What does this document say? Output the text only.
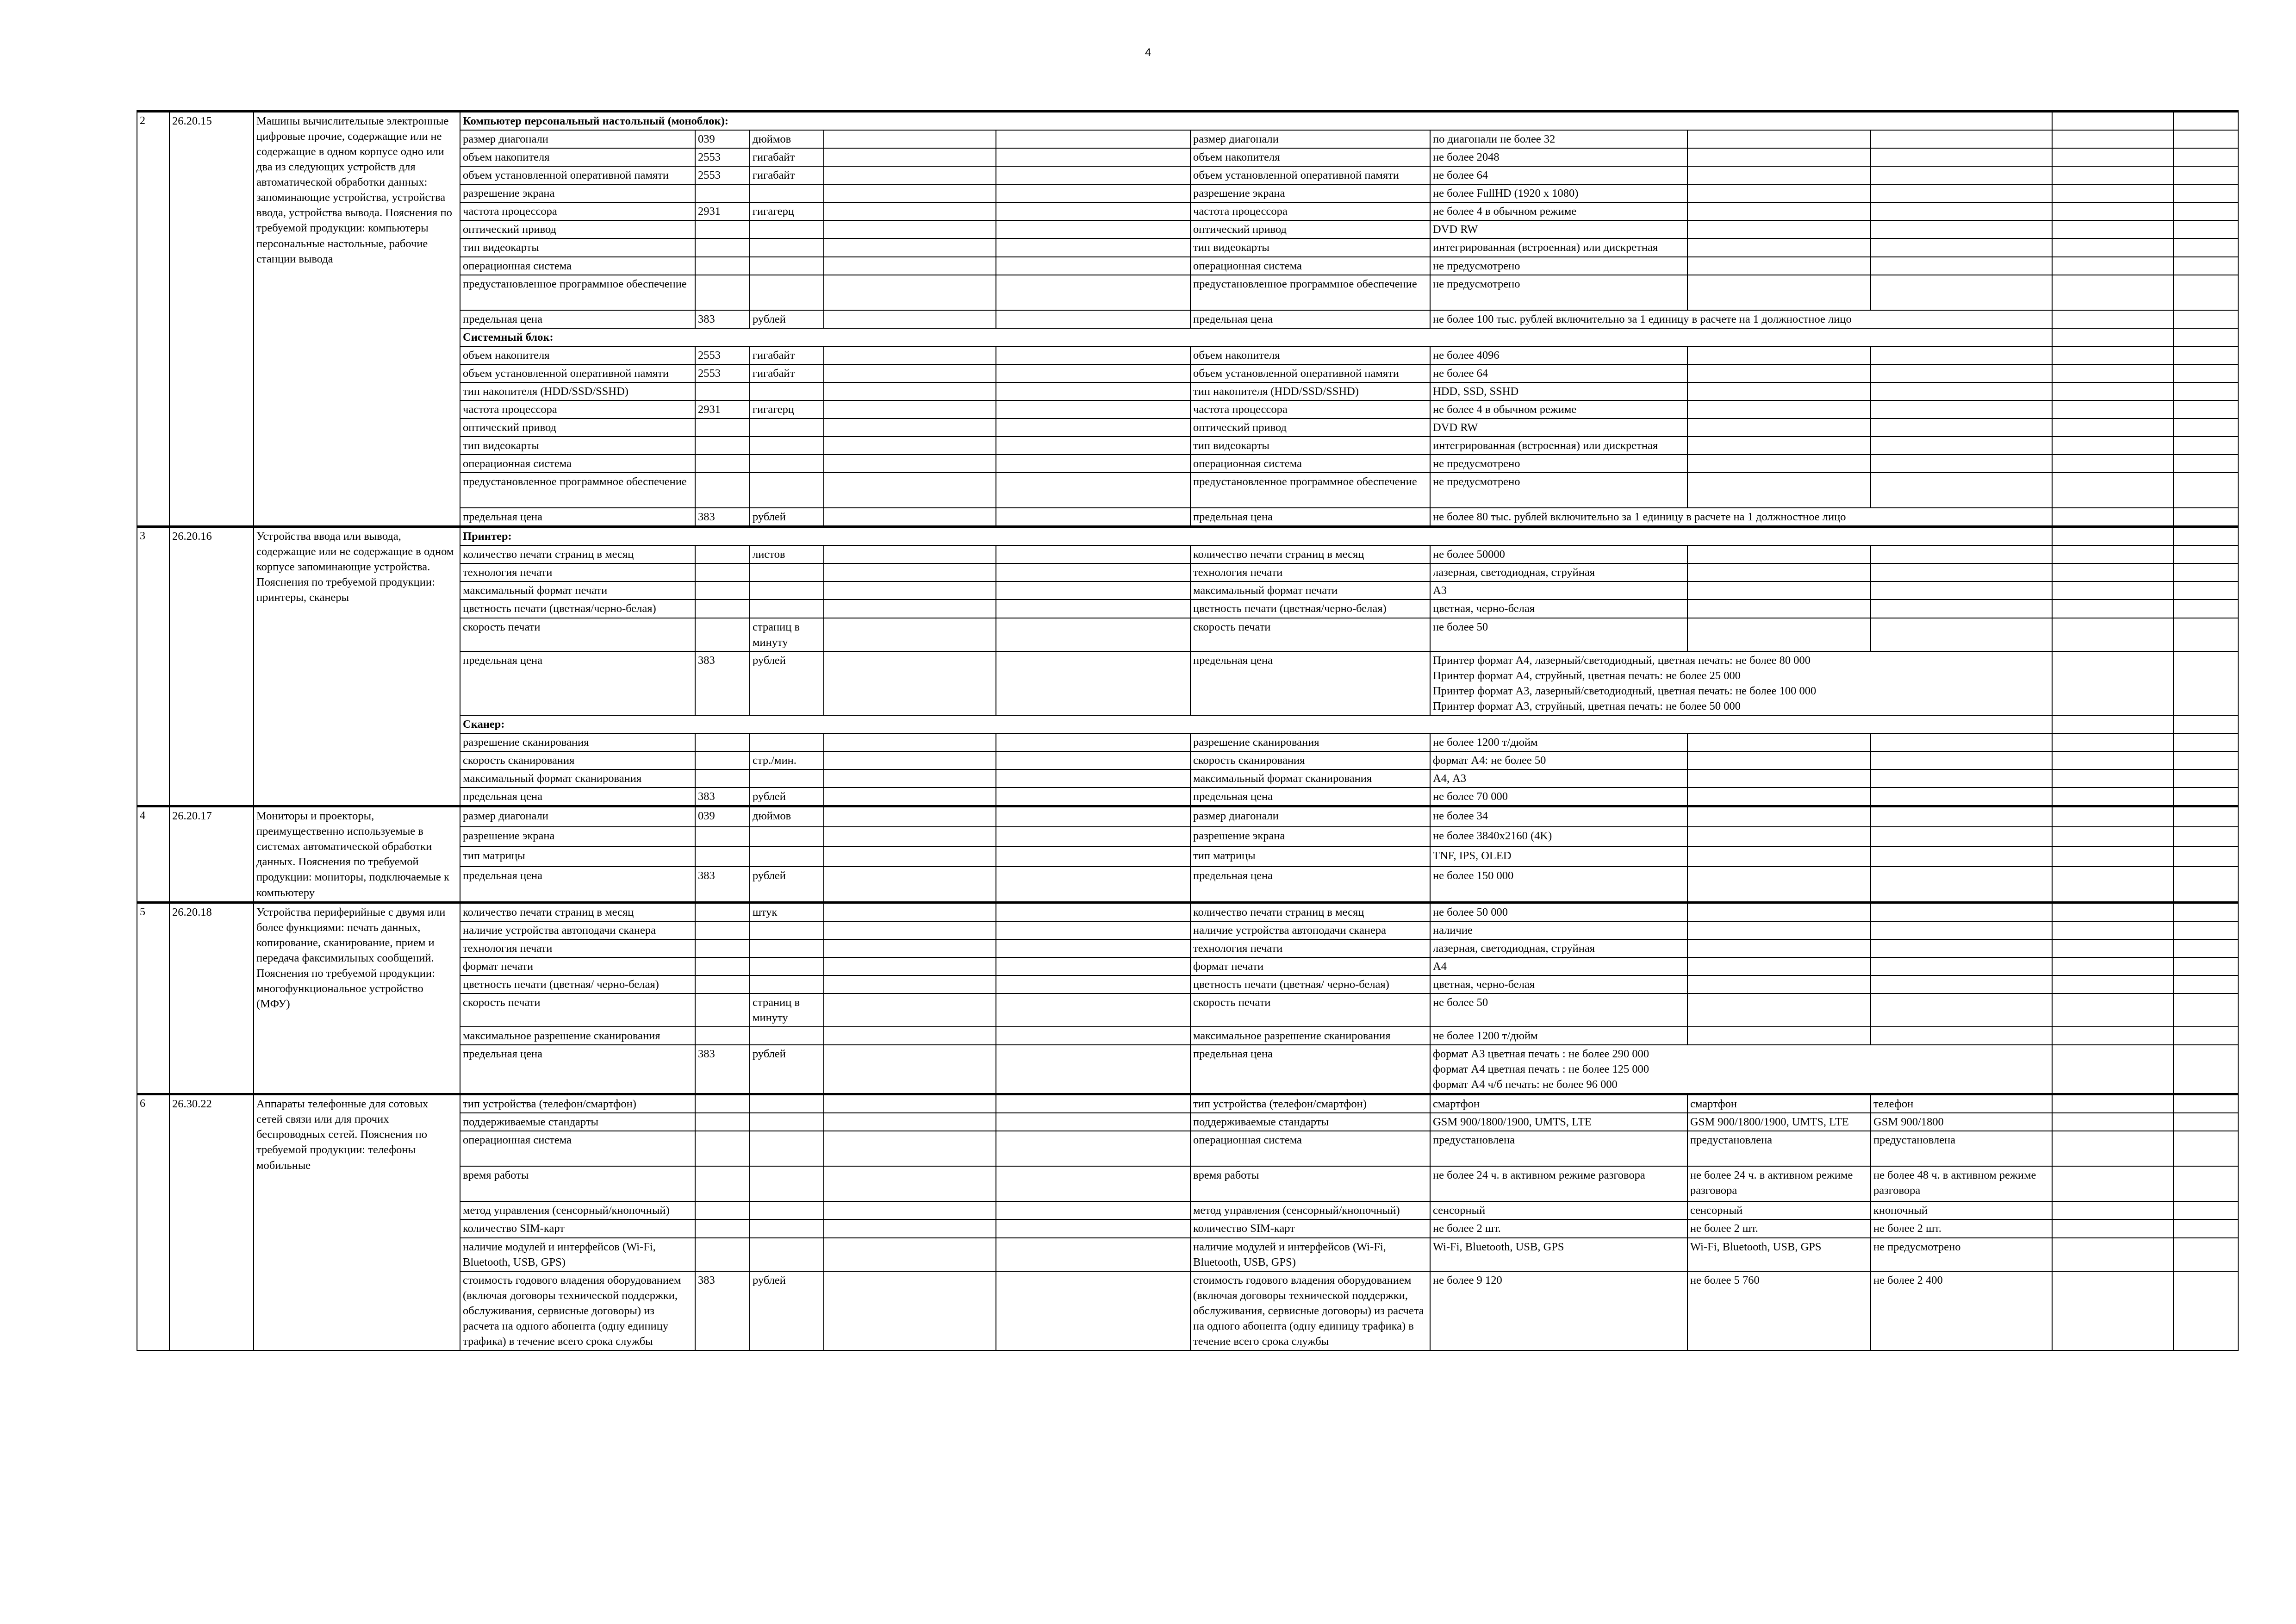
4
2	26.20.15	Машины вычислительные электронные цифровые прочие, содержащие или не содержащие в одном корпусе одно или два из следующих устройств для автоматической обработки данных: запоминающие устройства, устройства ввода, устройства вывода. Пояснения по требуемой продукции: компьютеры персональные настольные, рабочие станции вывода	Компьютер персональный настольный (моноблок):										
			размер диагонали	039	дюймов			размер диагонали	по диагонали не более 32				
			объем накопителя	2553	гигабайт			объем накопителя	не более 2048				
			объем установленной оперативной памяти	2553	гигабайт			объем установленной оперативной памяти	не более 64				
			разрешение экрана					разрешение экрана	не более FullHD (1920 x 1080)				
			частота процессора	2931	гигагерц			частота процессора	не более 4 в обычном режиме				
			оптический привод					оптический привод	DVD RW				
			тип видеокарты					тип видеокарты	интегрированная (встроенная) или дискретная				
			операционная система					операционная система	не предусмотрено				
			предустановленное программное обеспечение					предустановленное программное обеспечение	не предусмотрено				
			предельная цена	383	рублей			предельная цена	не более 100 тыс. рублей включительно за 1 единицу в расчете на 1 должностное лицо				
			Системный блок:										
			объем накопителя	2553	гигабайт			объем накопителя	не более 4096				
			объем установленной оперативной памяти	2553	гигабайт			объем установленной оперативной памяти	не более 64				
			тип накопителя (HDD/SSD/SSHD)					тип накопителя (HDD/SSD/SSHD)	HDD, SSD, SSHD				
			частота процессора	2931	гигагерц			частота процессора	не более 4 в обычном режиме				
			оптический привод					оптический привод	DVD RW				
			тип видеокарты					тип видеокарты	интегрированная (встроенная) или дискретная				
			операционная система					операционная система	не предусмотрено				
			предустановленное программное обеспечение					предустановленное программное обеспечение	не предусмотрено				
			предельная цена	383	рублей			предельная цена	не более 80 тыс. рублей включительно за 1 единицу в расчете на 1 должностное лицо				
3	26.20.16	Устройства ввода или вывода, содержащие или не содержащие в одном корпусе запоминающие устройства. Пояснения по требуемой продукции: принтеры, сканеры	Принтер:										
			количество печати страниц в месяц		листов			количество печати страниц в месяц	не более 50000				
			технология печати					технология печати	лазерная, светодиодная, струйная				
			максимальный формат печати					максимальный формат печати	А3				
			цветность печати (цветная/черно-белая)					цветность печати (цветная/черно-белая)	цветная, черно-белая				
			скорость печати		страниц в минуту			скорость печати	не более 50				
			предельная цена	383	рублей			предельная цена	Принтер формат А4, лазерный/светодиодный, цветная печать: не более 80 000
Принтер формат А4, струйный, цветная печать: не более 25 000
Принтер формат А3, лазерный/светодиодный, цветная печать: не более 100 000
Принтер формат А3, струйный, цветная печать: не более 50 000				
			Сканер:										
			разрешение сканирования					разрешение сканирования	не более 1200 т/дюйм				
			скорость сканирования		стр./мин.			скорость сканирования	формат А4: не более 50				
			максимальный формат сканирования					максимальный формат сканирования	А4, А3				
			предельная цена	383	рублей			предельная цена	не более 70 000				
4	26.20.17	Мониторы и проекторы, преимущественно используемые в системах автоматической обработки данных. Пояснения по требуемой продукции: мониторы, подключаемые к компьютеру	размер диагонали	039	дюймов			размер диагонали	не более 34				
			разрешение экрана					разрешение экрана	не более 3840x2160 (4K)				
			тип матрицы					тип матрицы	TNF, IPS, OLED				
			предельная цена	383	рублей			предельная цена	не более 150 000				
5	26.20.18	Устройства периферийные с двумя или более функциями: печать данных, копирование, сканирование, прием и передача факсимильных сообщений. Пояснения по требуемой продукции: многофункциональное устройство (МФУ)	количество печати страниц в месяц		штук			количество печати страниц в месяц	не более 50 000				
			наличие устройства автоподачи сканера					наличие устройства автоподачи сканера	наличие				
			технология печати					технология печати	лазерная, светодиодная, струйная				
			формат печати					формат печати	А4				
			цветность печати (цветная/ черно-белая)					цветность печати (цветная/ черно-белая)	цветная, черно-белая				
			скорость печати		страниц в минуту			скорость печати	не более 50				
			максимальное разрешение сканирования					максимальное разрешение сканирования	не более 1200 т/дюйм				
			предельная цена	383	рублей			предельная цена	формат А3 цветная печать : не более 290 000
формат А4 цветная печать : не более 125 000
формат А4 ч/б печать: не более 96 000				
6	26.30.22	Аппараты телефонные для сотовых сетей связи или для прочих беспроводных сетей. Пояснения по требуемой продукции: телефоны мобильные	тип устройства (телефон/смартфон)					тип устройства (телефон/смартфон)	смартфон	смартфон	телефон		
			поддерживаемые стандарты					поддерживаемые стандарты	GSM 900/1800/1900, UMTS, LTE	GSM 900/1800/1900, UMTS, LTE	GSM 900/1800		
			операционная система					операционная система	предустановлена	предустановлена	предустановлена		
			время работы					время работы	не более 24 ч. в активном режиме разговора	не более 24 ч. в активном режиме разговора	не более 48 ч. в активном режиме разговора		
			метод управления (сенсорный/кнопочный)					метод управления (сенсорный/кнопочный)	сенсорный	сенсорный	кнопочный		
			количество SIM-карт					количество SIM-карт	не более 2 шт.	не более 2 шт.	не более 2 шт.		
			наличие модулей и интерфейсов (Wi-Fi, Bluetooth, USB, GPS)					наличие модулей и интерфейсов (Wi-Fi, Bluetooth, USB, GPS)	Wi-Fi, Bluetooth, USB, GPS	Wi-Fi, Bluetooth, USB, GPS	не предусмотрено		
			стоимость годового владения оборудованием (включая договоры технической поддержки, обслуживания, сервисные договоры) из расчета на одного абонента (одну единицу трафика) в течение всего срока службы	383	рублей			стоимость годового владения оборудованием (включая договоры технической поддержки, обслуживания, сервисные договоры) из расчета на одного абонента (одну единицу трафика) в течение всего срока службы	не более 9 120	не более 5 760	не более 2 400		
